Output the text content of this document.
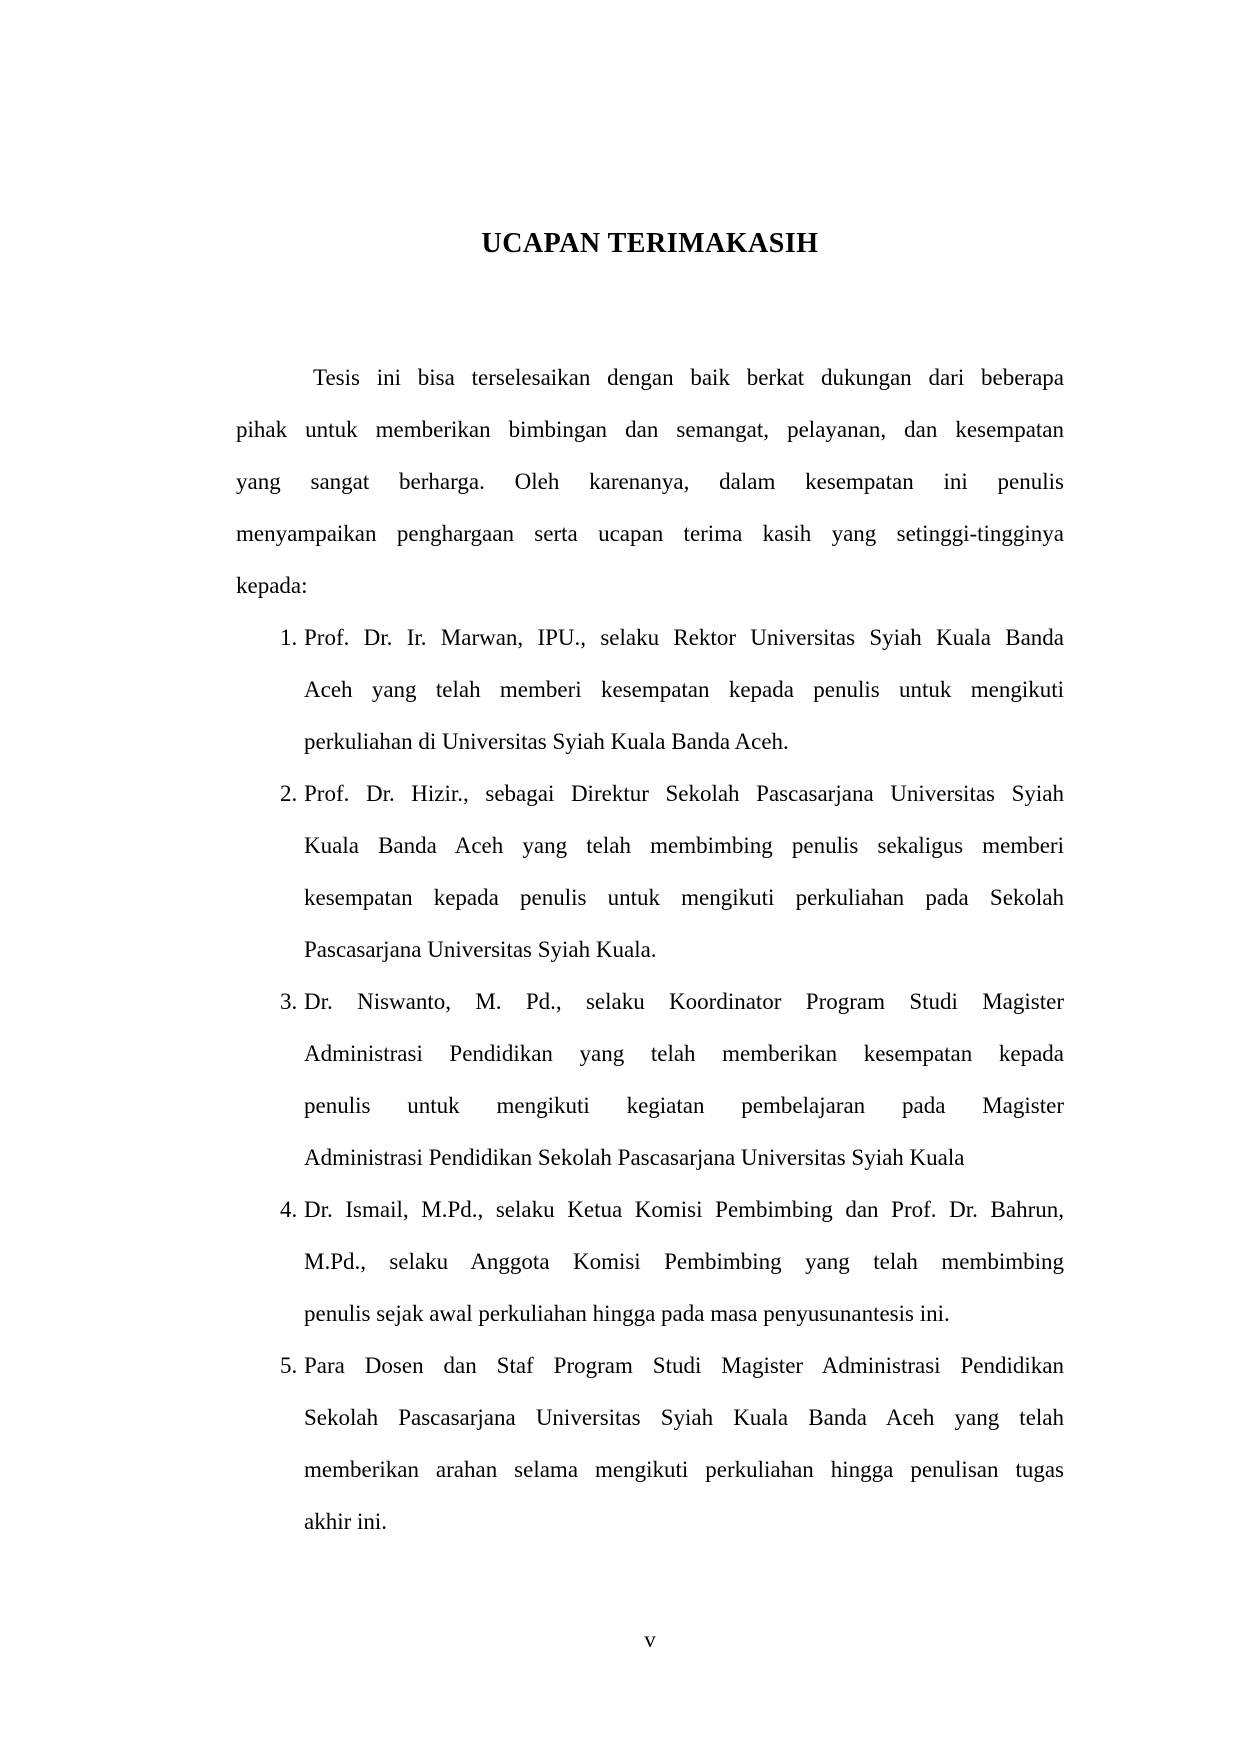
UCAPAN TERIMAKASIH
Tesis ini bisa terselesaikan dengan baik berkat dukungan dari beberapa
pihak untuk memberikan bimbingan dan semangat, pelayanan, dan kesempatan
yang sangat berharga. Oleh karenanya, dalam kesempatan ini penulis
menyampaikan penghargaan serta ucapan terima kasih yang setinggi-tingginya
kepada:
1. Prof. Dr. Ir. Marwan, IPU., selaku Rektor Universitas Syiah Kuala Banda
Aceh yang telah memberi kesempatan kepada penulis untuk mengikuti
perkuliahan di Universitas Syiah Kuala Banda Aceh.
2. Prof. Dr. Hizir., sebagai Direktur Sekolah Pascasarjana Universitas Syiah
Kuala Banda Aceh yang telah membimbing penulis sekaligus memberi
kesempatan kepada penulis untuk mengikuti perkuliahan pada Sekolah
Pascasarjana Universitas Syiah Kuala.
3. Dr. Niswanto, M. Pd., selaku Koordinator Program Studi Magister
Administrasi Pendidikan yang telah memberikan kesempatan kepada
penulis untuk mengikuti kegiatan pembelajaran pada Magister
Administrasi Pendidikan Sekolah Pascasarjana Universitas Syiah Kuala
4. Dr. Ismail, M.Pd., selaku Ketua Komisi Pembimbing dan Prof. Dr. Bahrun,
M.Pd., selaku Anggota Komisi Pembimbing yang telah membimbing
penulis sejak awal perkuliahan hingga pada masa penyusunantesis ini.
5. Para Dosen dan Staf Program Studi Magister Administrasi Pendidikan
Sekolah Pascasarjana Universitas Syiah Kuala Banda Aceh yang telah
memberikan arahan selama mengikuti perkuliahan hingga penulisan tugas
akhir ini.
v
